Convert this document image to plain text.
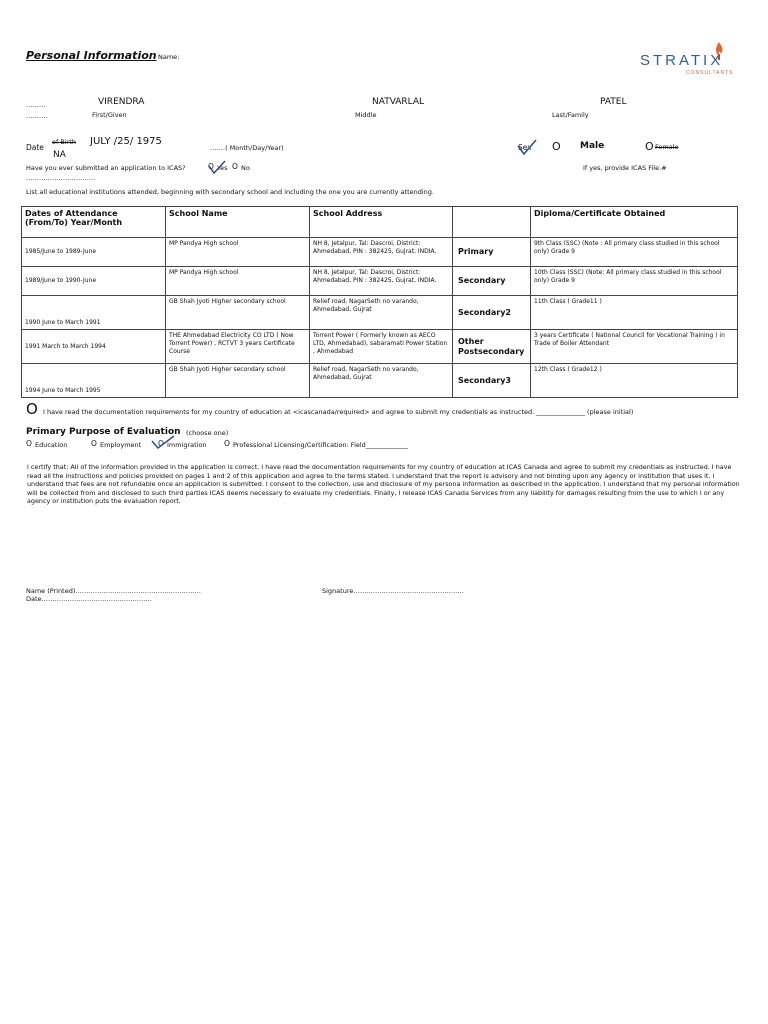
Personal Information Name:	STRATIX
CONSULTANTS
………
……….
VIRENDRA
First/Given
NATVARLAL
Middle
PATEL
Last/Family
Date
of Birth JULY /25/ 1975
…….( Month/Day/Year)
NA
Sex O Male	O Female
Have you ever submitted an application to ICAS?	O Yes O No	If yes, provide ICAS File.#
…………………………..
List all educational institutions attended, beginning with secondary school and including the one you are currently attending.
Dates of Attendance (From/To) Year/Month	School Name	School Address		Diploma/Certificate Obtained
1985/June to 1989-June	MP Pandya High school	NH 8, Jetalpur, Tal: Dascroi, District: Ahmedabad, PIN : 382425, Gujrat, INDIA.	Primary	9th Class (SSC) (Note : All primary class studied in this school only) Grade 9
1989/June to 1990-June	MP Pandya High school	NH 8, Jetalpur, Tal: Dascroi, District: Ahmedabad, PIN : 382425, Gujrat, INDIA.	Secondary	10th Class (SSC) (Note: All primary class studied in this school only) Grade 9
1990 June to March 1991	GB Shah Jyoti Higher secondary school	Relief road, NagarSeth no varando, Ahmedabad, Gujrat	Secondary2	11th Class ( Grade11 )
1991 March to March 1994	THE Ahmedabad Electricity CO LTD ( Now Torrent Power) , RCTVT 3 years Certificate Course	Torrent Power ( Formerly known as AECO LTD, Ahmedabad), sabaramati Power Station , Ahmedabad	Other Postsecondary	3 years Certificate ( National Council for Vocational Training ) in Trade of Boiler Attendant
1994 June to March 1995	GB Shah Jyoti Higher secondary school	Relief road, NagarSeth no varando, Ahmedabad, Gujrat	Secondary3	12th Class ( Grade12 )
O I have read the documentation requirements for my country of education at <icascanada/required> and agree to submit my credentials as instructed. _______________ (please initial)
Primary Purpose of Evaluation (choose one)
O Education	O Employment O Immigration O Professional Licensing/Certification: Field_____________
I certify that: All of the information provided in the application is correct. I have read the documentation requirements for my country of education at ICAS Canada and agree to submit my credentials as instructed. I have read all the instructions and policies provided on pages 1 and 2 of this application and agree to the terms stated. I understand that the report is advisory and not binding upon any agency or institution that uses it. I understand that fees are not refundable once an application is submitted. I consent to the collection, use and disclosure of my persona information as described in the application. I understand that my personal information will be collected from and disclosed to such third parties ICAS deems necessary to evaluate my credentials. Finally, I release ICAS Canada Services from any liability for damages resulting from the use to which I or any agency or institution puts the evaluation report.
Name (Printed)………………………………………………….	Signature……………………………………………
Date……………………………………………
